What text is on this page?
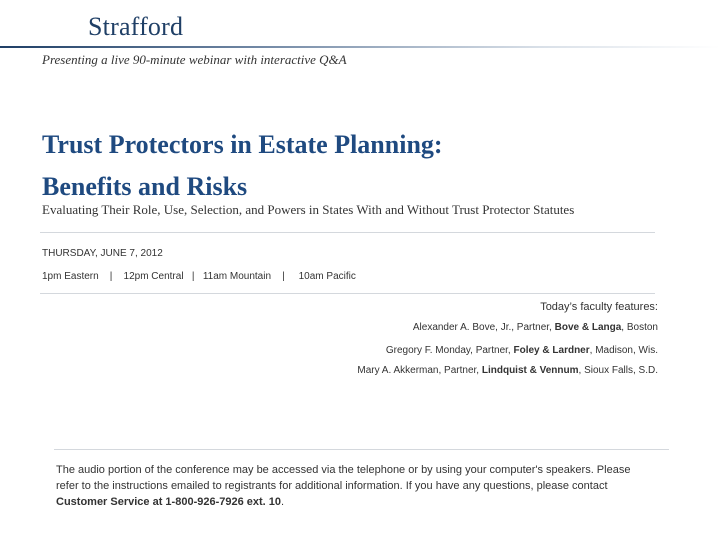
Strafford
Presenting a live 90-minute webinar with interactive Q&A
Trust Protectors in Estate Planning:
Benefits and Risks
Evaluating Their Role, Use, Selection, and Powers in States With and Without Trust Protector Statutes
THURSDAY, JUNE 7, 2012
1pm Eastern    |    12pm Central   |   11am Mountain    |     10am Pacific
Today’s faculty features:
Alexander A. Bove, Jr., Partner, Bove & Langa, Boston
Gregory F. Monday, Partner, Foley & Lardner, Madison, Wis.
Mary A. Akkerman, Partner, Lindquist & Vennum, Sioux Falls, S.D.

The audio portion of the conference may be accessed via the telephone or by using your computer's speakers. Please refer to the instructions emailed to registrants for additional information. If you have any questions, please contact Customer Service at 1-800-926-7926 ext. 10.
